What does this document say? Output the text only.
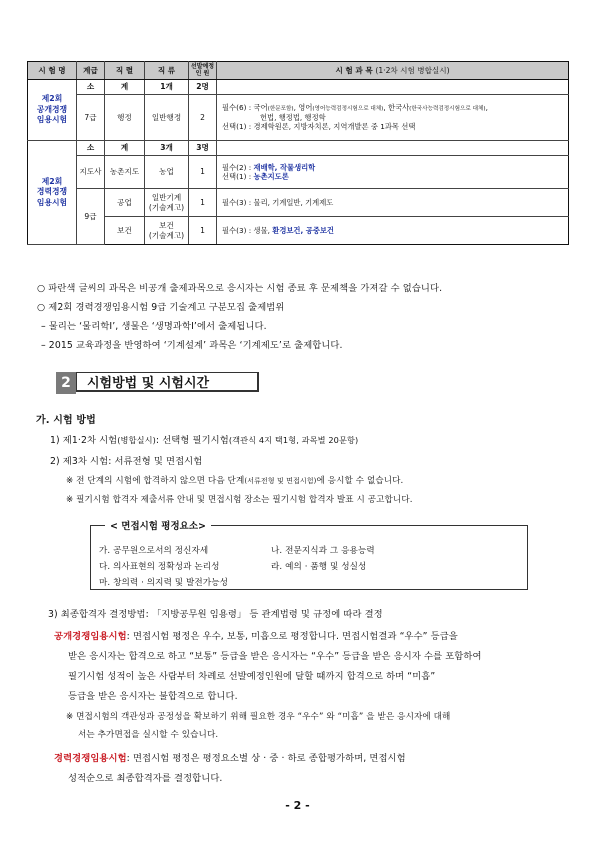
시 험 명	계급	직 렬	직 류	선발예정
인 원	시 험 과 목 (1·2차 시험 병합실시)

제2회
공개경쟁
임용시험	소	계	1개	2명	
	7급	행정	일반행정	2	필수(6) : 국어(한문포함), 영어(영어능력검정시험으로 대체), 한국사(한국사능력검정시험으로 대체),
헌법, 행정법, 행정학
선택(1) : 경제학원론, 지방자치론, 지역개발론 중 1과목 선택

제2회
경력경쟁
임용시험	소	계	3개	3명	
	지도사	농촌지도	농업	1	필수(2) : 재배학, 작물생리학
선택(1) : 농촌지도론

	9급	공업	일반기계
(기술계고)	1	필수(3) : 물리, 기계일반, 기계제도
		보건	보건
(기술계고)	1	필수(3) : 생물, 환경보건, 공중보건
○ 파란색 글씨의 과목은 비공개 출제과목으로 응시자는 시험 종료 후 문제책을 가져갈 수 없습니다.
○ 제2회 경력경쟁임용시험 9급 기술계고 구분모집 출제범위
– 물리는 ‘물리학Ⅰ’, 생물은 ‘생명과학Ⅰ’에서 출제됩니다.
– 2015 교육과정을 반영하여 ‘기계설계’ 과목은 ‘기계제도’로 출제합니다.
2	시험방법 및 시험시간
가. 시험 방법
1) 제1·2차 시험(병합실시): 선택형 필기시험(객관식 4지 택1형, 과목별 20문항)
2) 제3차 시험: 서류전형 및 면접시험
※ 전 단계의 시험에 합격하지 않으면 다음 단계(서류전형 및 면접시험)에 응시할 수 없습니다.
※ 필기시험 합격자 제출서류 안내 및 면접시험 장소는 필기시험 합격자 발표 시 공고합니다.
< 면접시험 평정요소>
가. 공무원으로서의 정신자세	나. 전문지식과 그 응용능력
다. 의사표현의 정확성과 논리성	라. 예의 · 품행 및 성실성
마. 창의력 · 의지력 및 발전가능성
3) 최종합격자 결정방법: 「지방공무원 임용령」 등 관계법령 및 규정에 따라 결정
공개경쟁임용시험: 면접시험 평정은 우수, 보통, 미흡으로 평정합니다. 면접시험결과 “우수” 등급을
받은 응시자는 합격으로 하고 “보통” 등급을 받은 응시자는 “우수” 등급을 받은 응시자 수를 포함하여
필기시험 성적이 높은 사람부터 차례로 선발예정인원에 달할 때까지 합격으로 하며 “미흡”
등급을 받은 응시자는 불합격으로 합니다.
※ 면접시험의 객관성과 공정성을 확보하기 위해 필요한 경우 “우수” 와 “미흡” 을 받은 응시자에 대해
서는 추가면접을 실시할 수 있습니다.
경력경쟁임용시험: 면접시험 평정은 평정요소별 상 · 중 · 하로 종합평가하며, 면접시험
성적순으로 최종합격자를 결정합니다.
- 2 -
